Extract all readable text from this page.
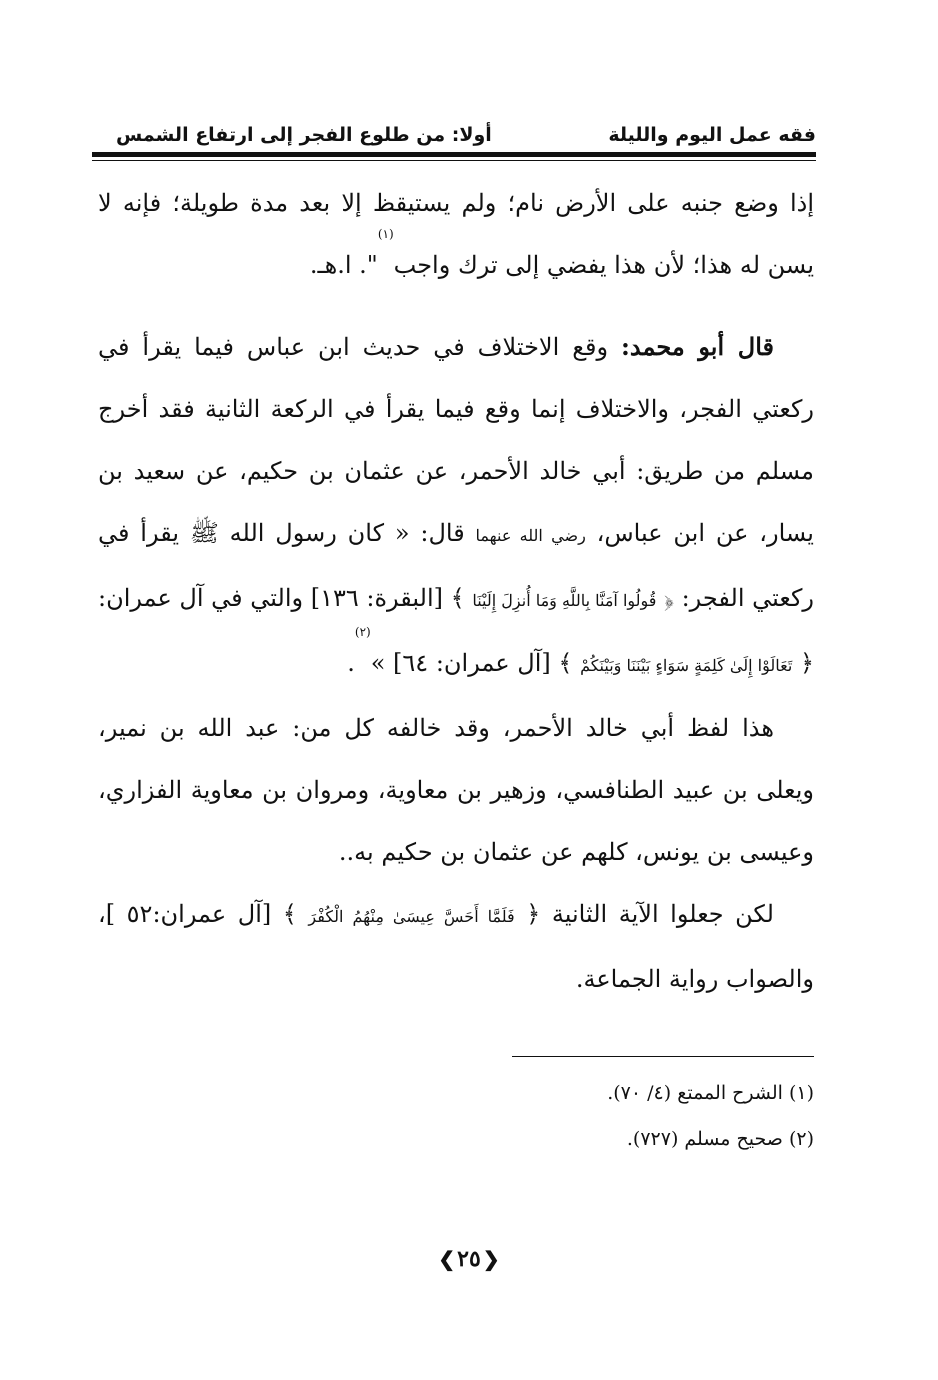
فقه عمل اليوم والليلة
أولا: من طلوع الفجر إلى ارتفاع الشمس

إذا وضع جنبه على الأرض نام؛ ولم يستيقظ إلا بعد مدة طويلة؛ فإنه لا يسن له هذا؛ لأن هذا يفضي إلى ترك واجب$^{(١)}$". ا.هـ.

قال أبو محمد: وقع الاختلاف في حديث ابن عباس فيما يقرأ في ركعتي الفجر، والاختلاف إنما وقع فيما يقرأ في الركعة الثانية فقد أخرج مسلم من طريق: أبي خالد الأحمر، عن عثمان بن حكيم، عن سعيد بن يسار، عن ابن عباس، رضي الله عنهما قال: « كان رسول الله ﷺ يقرأ في ركعتي الفجر: ﴿ قُولُوا آمَنَّا بِاللَّهِ وَمَا أُنزِلَ إِلَيْنَا ﴾ [البقرة: ١٣٦] والتي في آل عمران: ﴿ تَعَالَوْا إِلَىٰ كَلِمَةٍ سَوَاءٍ بَيْنَنَا وَبَيْنَكُمْ ﴾ [آل عمران: ٦٤] »$^{(٢)}$.

هذا لفظ أبي خالد الأحمر، وقد خالفه كل من: عبد الله بن نمير، ويعلى بن عبيد الطنافسي، وزهير بن معاوية، ومروان بن معاوية الفزاري، وعيسى بن يونس، كلهم عن عثمان بن حكيم به..

لكن جعلوا الآية الثانية ﴿ فَلَمَّا أَحَسَّ عِيسَىٰ مِنْهُمُ الْكُفْرَ ﴾ [آل عمران:٥٢ ]، والصواب رواية الجماعة.

(١) الشرح الممتع (٤/ ٧٠).
(٢) صحيح مسلم (٧٢٧).
❮٢٥ ❯
